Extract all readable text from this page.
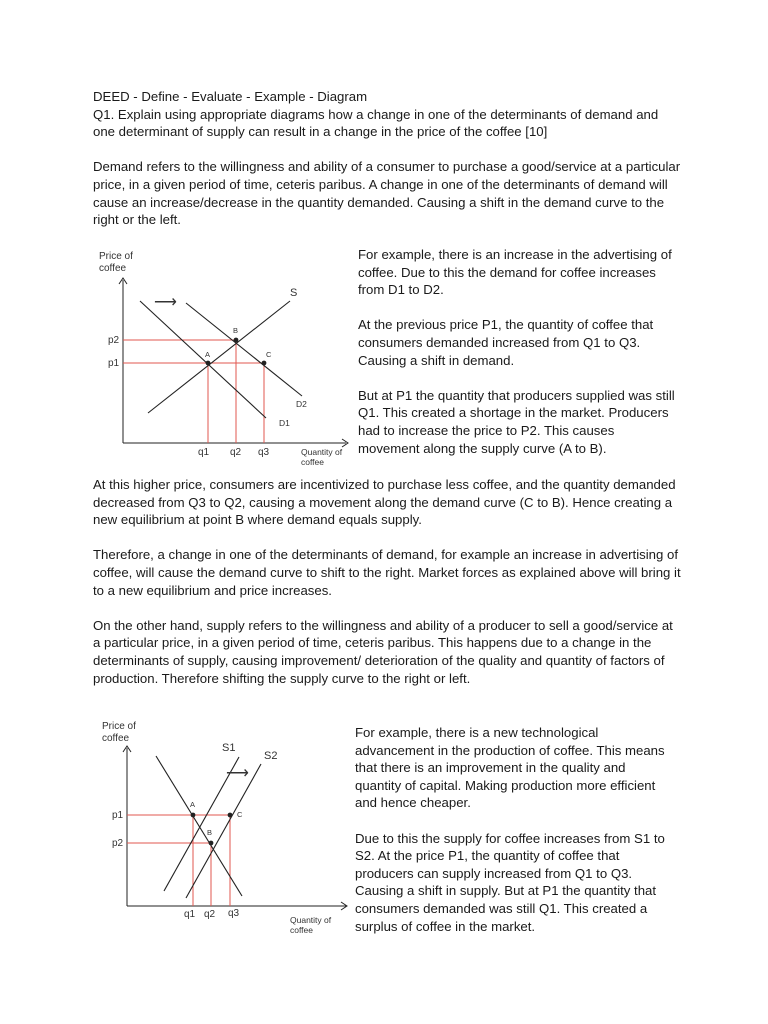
DEED - Define - Evaluate - Example - Diagram

Q1. Explain using appropriate diagrams how a change in one of the determinants of demand and one determinant of supply can result in a change in the price of the coffee [10]

Demand refers to the willingness and ability of a consumer to purchase a good/service at a particular price, in a given period of time, ceteris paribus. A change in one of the determinants of demand will cause an increase/decrease in the quantity demanded. Causing a shift in the demand curve to the right or the left.

Price of
coffee
Quantity of
coffee
S
D2
D1
A
B
C
p2
p1
q1 q2 q3
⟶

For example, there is an increase in the advertising of coffee. Due to this the demand for coffee increases from D1 to D2.

At the previous price P1, the quantity of coffee that consumers demanded increased from Q1 to Q3. Causing a shift in demand.

But at P1 the quantity that producers supplied was still Q1. This created a shortage in the market. Producers had to increase the price to P2. This causes movement along the supply curve (A to B).

At this higher price, consumers are incentivized to purchase less coffee, and the quantity demanded decreased from Q3 to Q2, causing a movement along the demand curve (C to B). Hence creating a new equilibrium at point B where demand equals supply.

Therefore, a change in one of the determinants of demand, for example an increase in advertising of coffee, will cause the demand curve to shift to the right. Market forces as explained above will bring it to a new equilibrium and price increases.

On the other hand, supply refers to the willingness and ability of a producer to sell a good/service at a particular price, in a given period of time, ceteris paribus. This happens due to a change in the determinants of supply, causing improvement/ deterioration of the quality and quantity of factors of production. Therefore shifting the supply curve to the right or left.

Price of
coffee
Quantity of
coffee
S1
S2
A
B
C
p1
p2
q1 q2 q3
⟶

For example, there is a new technological advancement in the production of coffee. This means that there is an improvement in the quality and quantity of capital. Making production more efficient and hence cheaper.

Due to this the supply for coffee increases from S1 to S2. At the price P1, the quantity of coffee that producers can supply increased from Q1 to Q3. Causing a shift in supply. But at P1 the quantity that consumers demanded was still Q1. This created a surplus of coffee in the market.
